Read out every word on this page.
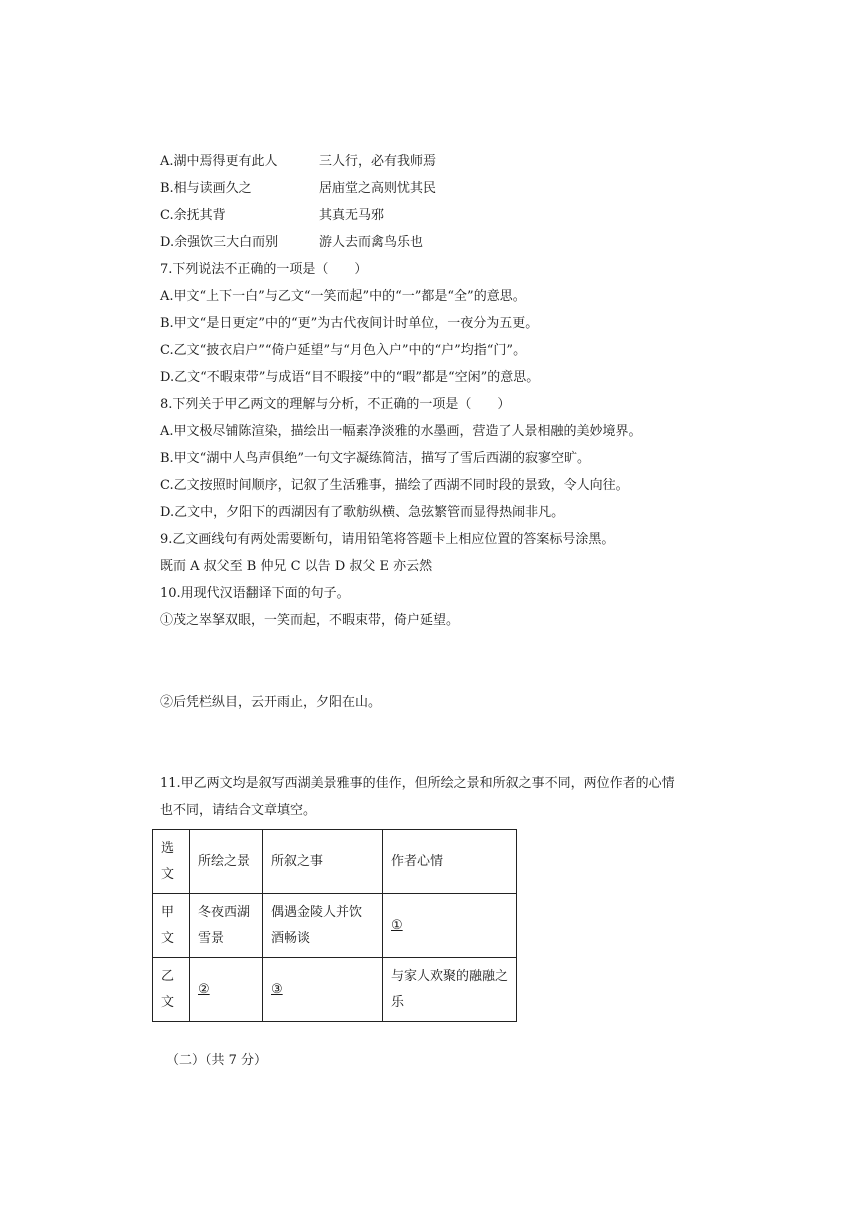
A.湖中焉得更有此人	三人行，必有我师焉
B.相与读画久之	居庙堂之高则忧其民
C.余抚其背	其真无马邪
D.余强饮三大白而别	游人去而禽鸟乐也
7.下列说法不正确的一项是（　　）
A.甲文“上下一白”与乙文“一笑而起”中的“一”都是“全”的意思。
B.甲文“是日更定”中的“更”为古代夜间计时单位，一夜分为五更。
C.乙文“披衣启户”“倚户延望”与“月色入户”中的“户”均指“门”。
D.乙文“不暇束带”与成语“目不暇接”中的“暇”都是“空闲”的意思。
8.下列关于甲乙两文的理解与分析，不正确的一项是（　　）
A.甲文极尽铺陈渲染，描绘出一幅素净淡雅的水墨画，营造了人景相融的美妙境界。
B.甲文“湖中人鸟声俱绝”一句文字凝练简洁，描写了雪后西湖的寂寥空旷。
C.乙文按照时间顺序，记叙了生活雅事，描绘了西湖不同时段的景致，令人向往。
D.乙文中，夕阳下的西湖因有了歌舫纵横、急弦繁管而显得热闹非凡。
9.乙文画线句有两处需要断句，请用铅笔将答题卡上相应位置的答案标号涂黑。
既而 A 叔父至 B 仲兄 C 以告 D 叔父 E 亦云然
10.用现代汉语翻译下面的句子。
①茂之崒拏双眼，一笑而起，不暇束带，倚户延望。
②后凭栏纵目，云开雨止，夕阳在山。
11.甲乙两文均是叙写西湖美景雅事的佳作，但所绘之景和所叙之事不同，两位作者的心情
也不同，请结合文章填空。
选文	所绘之景	所叙之事	作者心情
甲文	冬夜西湖雪景	偶遇金陵人并饮酒畅谈	①
乙文	②	③	与家人欢聚的融融之乐
（二）（共 7 分）
